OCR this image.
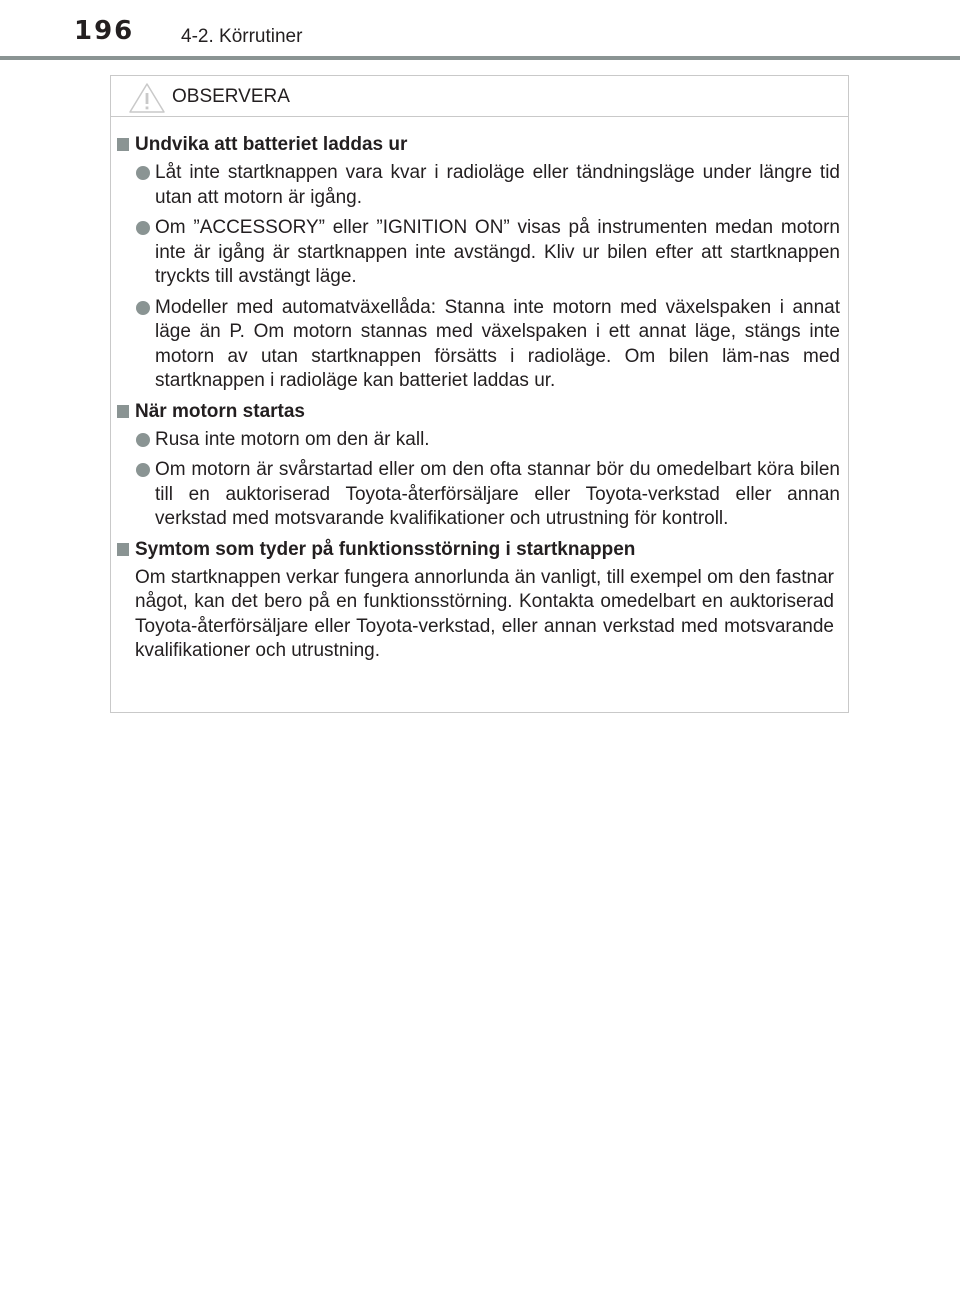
196 4-2. Körrutiner
OBSERVERA
Undvika att batteriet laddas ur
Låt inte startknappen vara kvar i radioläge eller tändningsläge under längre tid utan att motorn är igång.
Om ”ACCESSORY” eller ”IGNITION ON” visas på instrumenten medan motorn inte är igång är startknappen inte avstängd. Kliv ur bilen efter att startknappen tryckts till avstängt läge.
Modeller med automatväxellåda: Stanna inte motorn med växelspaken i annat läge än P. Om motorn stannas med växelspaken i ett annat läge, stängs inte motorn av utan startknappen försätts i radioläge. Om bilen läm-nas med startknappen i radioläge kan batteriet laddas ur.
När motorn startas
Rusa inte motorn om den är kall.
Om motorn är svårstartad eller om den ofta stannar bör du omedelbart köra bilen till en auktoriserad Toyota-återförsäljare eller Toyota-verkstad eller annan verkstad med motsvarande kvalifikationer och utrustning för kontroll.
Symtom som tyder på funktionsstörning i startknappen
Om startknappen verkar fungera annorlunda än vanligt, till exempel om den fastnar något, kan det bero på en funktionsstörning. Kontakta omedelbart en auktoriserad Toyota-återförsäljare eller Toyota-verkstad, eller annan verkstad med motsvarande kvalifikationer och utrustning.
